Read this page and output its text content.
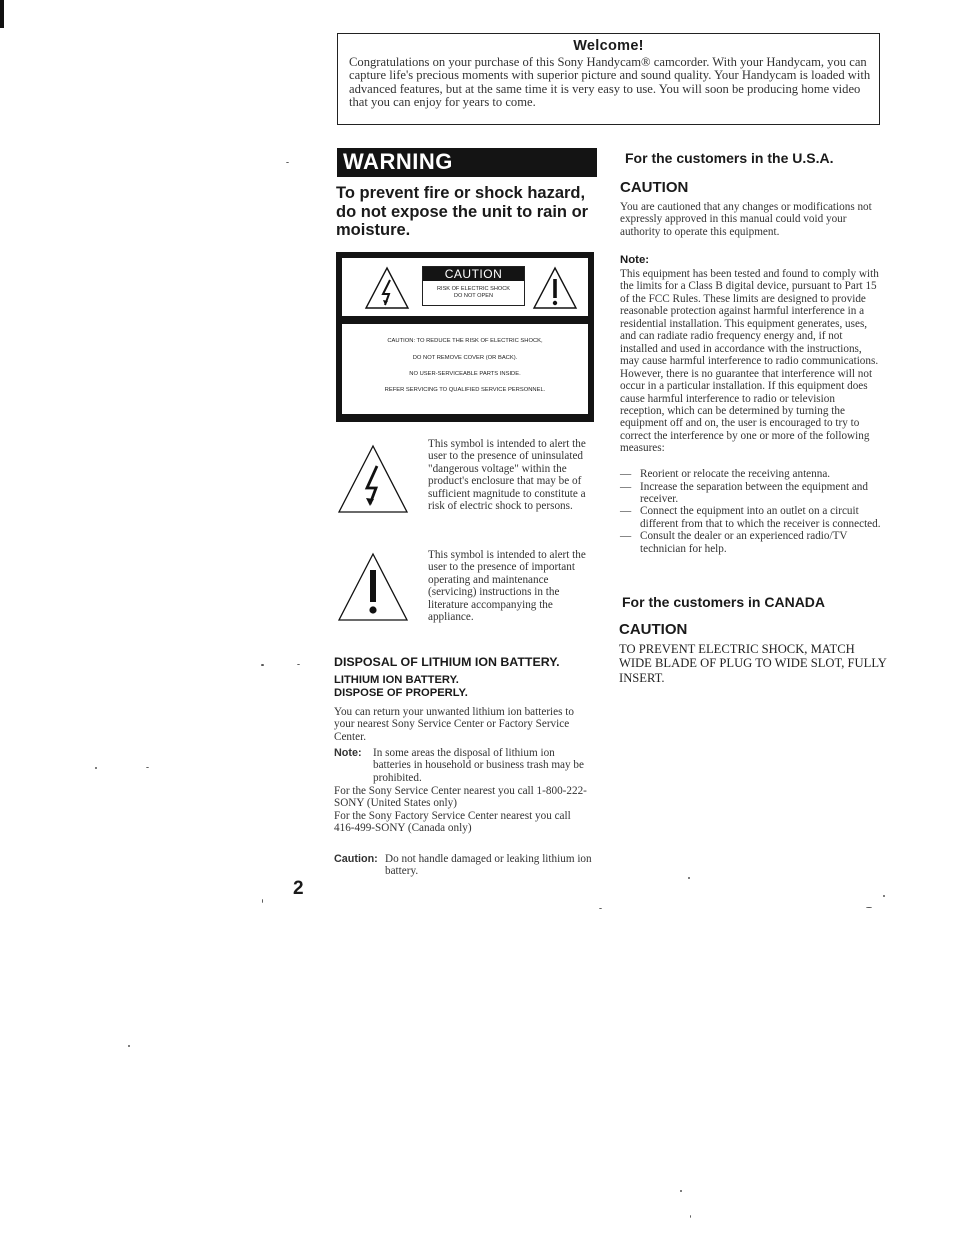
Welcome!

Congratulations on your purchase of this Sony Handycam® camcorder. With your Handycam, you can capture life's precious moments with superior picture and sound quality. Your Handycam is loaded with advanced features, but at the same time it is very easy to use. You will soon be producing home video that you can enjoy for years to come.

WARNING

To prevent fire or shock hazard, do not expose the unit to rain or moisture.

CAUTION
RISK OF ELECTRIC SHOCK
DO NOT OPEN
CAUTION: TO REDUCE THE RISK OF ELECTRIC SHOCK,
DO NOT REMOVE COVER (OR BACK).
NO USER-SERVICEABLE PARTS INSIDE.
REFER SERVICING TO QUALIFIED SERVICE PERSONNEL.

This symbol is intended to alert the user to the presence of uninsulated "dangerous voltage" within the product's enclosure that may be of sufficient magnitude to constitute a risk of electric shock to persons.

This symbol is intended to alert the user to the presence of important operating and maintenance (servicing) instructions in the literature accompanying the appliance.

DISPOSAL OF LITHIUM ION BATTERY.

LITHIUM ION BATTERY.
DISPOSE OF PROPERLY.

You can return your unwanted lithium ion batteries to your nearest Sony Service Center or Factory Service Center.

Note: In some areas the disposal of lithium ion batteries in household or business trash may be prohibited.

For the Sony Service Center nearest you call 1-800-222-SONY (United States only)
For the Sony Factory Service Center nearest you call 416-499-SONY (Canada only)

Caution: Do not handle damaged or leaking lithium ion battery.

2

For the customers in the U.S.A.

CAUTION

You are cautioned that any changes or modifications not expressly approved in this manual could void your authority to operate this equipment.

Note:

This equipment has been tested and found to comply with the limits for a Class B digital device, pursuant to Part 15 of the FCC Rules. These limits are designed to provide reasonable protection against harmful interference in a residential installation. This equipment generates, uses, and can radiate radio frequency energy and, if not installed and used in accordance with the instructions, may cause harmful interference to radio communications. However, there is no guarantee that interference will not occur in a particular installation. If this equipment does cause harmful interference to radio or television reception, which can be determined by turning the equipment off and on, the user is encouraged to try to correct the interference by one or more of the following measures:

— Reorient or relocate the receiving antenna.
— Increase the separation between the equipment and receiver.
— Connect the equipment into an outlet on a circuit different from that to which the receiver is connected.
— Consult the dealer or an experienced radio/TV technician for help.

For the customers in CANADA

CAUTION

TO PREVENT ELECTRIC SHOCK, MATCH WIDE BLADE OF PLUG TO WIDE SLOT, FULLY INSERT.
